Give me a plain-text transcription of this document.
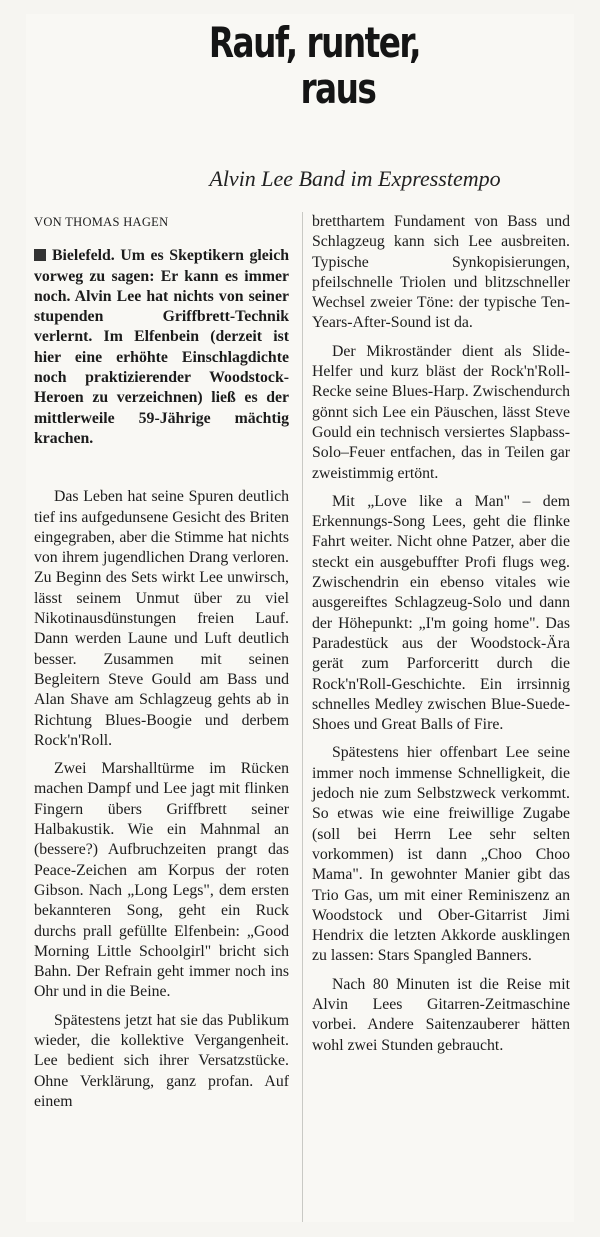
Rauf, runter,
raus
Alvin Lee Band im Expresstempo
VON THOMAS HAGEN
Bielefeld. Um es Skeptikern gleich vorweg zu sagen: Er kann es immer noch. Alvin Lee hat nichts von seiner stupenden Griffbrett-Technik verlernt. Im Elfenbein (derzeit ist hier eine erhöhte Einschlagdichte noch praktizierender Woodstock-Heroen zu verzeichnen) ließ es der mittlerweile 59-Jährige mächtig krachen.

Das Leben hat seine Spuren deutlich tief ins aufgedunsene Gesicht des Briten eingegraben, aber die Stimme hat nichts von ihrem jugendlichen Drang verloren. Zu Beginn des Sets wirkt Lee unwirsch, lässt seinem Unmut über zu viel Nikotinausdünstungen freien Lauf. Dann werden Laune und Luft deutlich besser. Zusammen mit seinen Begleitern Steve Gould am Bass und Alan Shave am Schlagzeug gehts ab in Richtung Blues-Boogie und derbem Rock'n'Roll.

Zwei Marshalltürme im Rücken machen Dampf und Lee jagt mit flinken Fingern übers Griffbrett seiner Halbakustik. Wie ein Mahnmal an (bessere?) Aufbruchzeiten prangt das Peace-Zeichen am Korpus der roten Gibson. Nach „Long Legs", dem ersten bekannteren Song, geht ein Ruck durchs prall gefüllte Elfenbein: „Good Morning Little Schoolgirl" bricht sich Bahn. Der Refrain geht immer noch ins Ohr und in die Beine.

Spätestens jetzt hat sie das Publikum wieder, die kollektive Vergangenheit. Lee bedient sich ihrer Versatzstücke. Ohne Verklärung, ganz profan. Auf einem

bretthartem Fundament von Bass und Schlagzeug kann sich Lee ausbreiten. Typische Synkopisierungen, pfeilschnelle Triolen und blitzschneller Wechsel zweier Töne: der typische Ten-Years-After-Sound ist da.

Der Mikroständer dient als Slide-Helfer und kurz bläst der Rock'n'Roll-Recke seine Blues-Harp. Zwischendurch gönnt sich Lee ein Päuschen, lässt Steve Gould ein technisch versiertes Slapbass-Solo–Feuer entfachen, das in Teilen gar zweistimmig ertönt.

Mit „Love like a Man" – dem Erkennungs-Song Lees, geht die flinke Fahrt weiter. Nicht ohne Patzer, aber die steckt ein ausgebuffter Profi flugs weg. Zwischendrin ein ebenso vitales wie ausgereiftes Schlagzeug-Solo und dann der Höhepunkt: „I'm going home". Das Paradestück aus der Woodstock-Ära gerät zum Parforceritt durch die Rock'n'Roll-Geschichte. Ein irrsinnig schnelles Medley zwischen Blue-Suede-Shoes und Great Balls of Fire.

Spätestens hier offenbart Lee seine immer noch immense Schnelligkeit, die jedoch nie zum Selbstzweck verkommt. So etwas wie eine freiwillige Zugabe (soll bei Herrn Lee sehr selten vorkommen) ist dann „Choo Choo Mama". In gewohnter Manier gibt das Trio Gas, um mit einer Reminiszenz an Woodstock und Ober-Gitarrist Jimi Hendrix die letzten Akkorde ausklingen zu lassen: Stars Spangled Banners.

Nach 80 Minuten ist die Reise mit Alvin Lees Gitarren-Zeitmaschine vorbei. Andere Saitenzauberer hätten wohl zwei Stunden gebraucht.
